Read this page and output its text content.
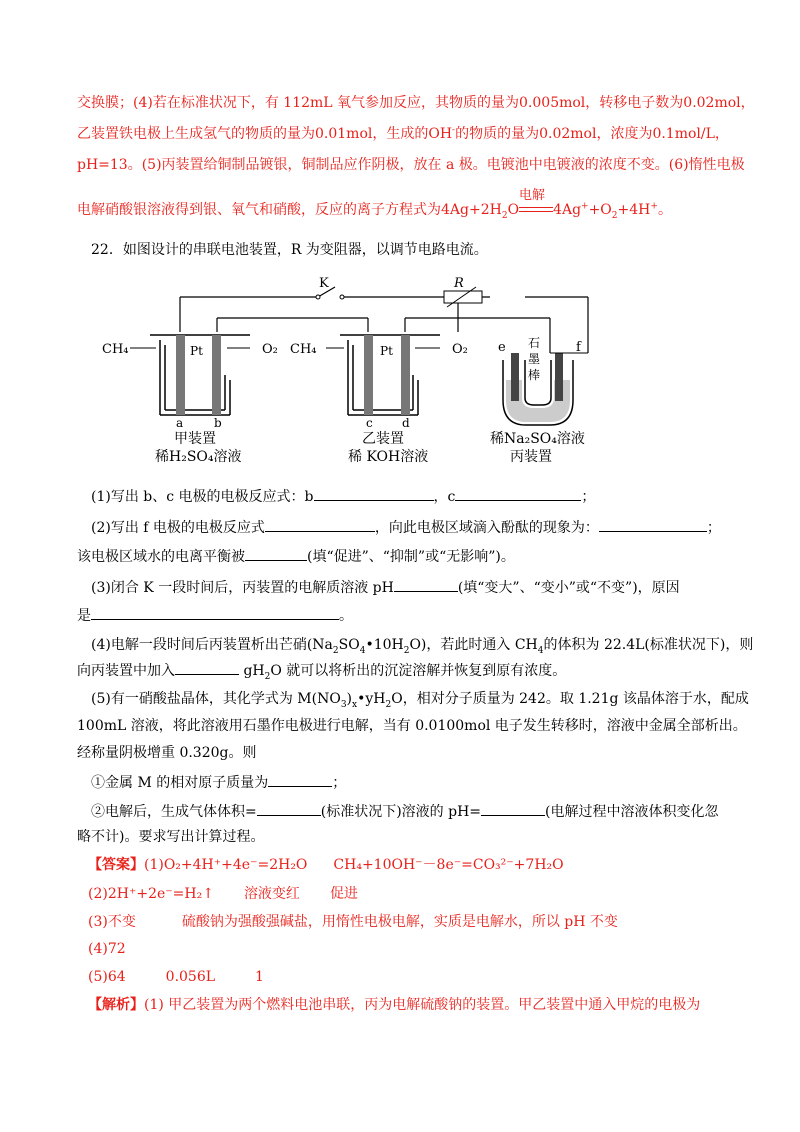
交换膜；(4)若在标准状况下，有 112mL 氧气参加反应，其物质的量为0.005mol，转移电子数为0.02mol，
乙装置铁电极上生成氢气的物质的量为0.01mol，生成的OH-的物质的量为0.02mol，浓度为0.1mol/L，
pH=13。(5)丙装置给铜制品镀银，铜制品应作阴极，放在 a 极。电镀池中电镀液的浓度不变。(6)惰性电极
电解硝酸银溶液得到银、氧气和硝酸，反应的离子方程式为$4Ag+2H_2O$
电解
$4Ag^++O_2+4H^+$。
22．如图设计的串联电池装置，R 为变阻器，以调节电路电流。
K	R
CH₄	O₂
Pt
a	b
甲装置
稀H₂SO₄溶液
CH₄	O₂
Pt
c d
乙装置
稀 KOH溶液
e	f
石
墨
棒
稀Na₂SO₄溶液
丙装置
(1)写出 b、c 电极的电极反应式：b	，c	；
(2)写出 f 电极的电极反应式	，向此电极区域滴入酚酞的现象为：	；
该电极区域水的电离平衡被	(填“促进”、“抑制”或“无影响”)。
(3)闭合 K 一段时间后，丙装置的电解质溶液 pH	(填“变大”、“变小”或“不变”)，原因
是	。
(4)电解一段时间后丙装置析出芒硝$(Na_2SO_4•10H_2O)$，若此时通入 $CH_4$的体积为 22.4L(标准状况下)，则
向丙装置中加入	$gH_2O$ 就可以将析出的沉淀溶解并恢复到原有浓度。
(5)有一硝酸盐晶体，其化学式为 $M(NO_3)_x•yH_2O$，相对分子质量为 242。取 1.21g 该晶体溶于水，配成
100mL 溶液，将此溶液用石墨作电极进行电解，当有 0.0100mol 电子发生转移时，溶液中金属全部析出。
经称量阴极增重 0.320g。则
①金属 M 的相对原子质量为	；
②电解后，生成气体体积=	(标准状况下)溶液的 pH=	(电解过程中溶液体积变化忽
略不计)。要求写出计算过程。
【答案】(1)O₂+4H⁺+4e⁻=2H₂O CH₄+10OH⁻－8e⁻=CO₃²⁻+7H₂O
(2)2H⁺+2e⁻=H₂↑ 溶液变红 促进
(3)不变	硫酸钠为强酸强碱盐，用惰性电极电解，实质是电解水，所以 pH 不变
(4)72
(5)64	0.056L	1
【解析】(1) 甲乙装置为两个燃料电池串联，丙为电解硫酸钠的装置。甲乙装置中通入甲烷的电极为
